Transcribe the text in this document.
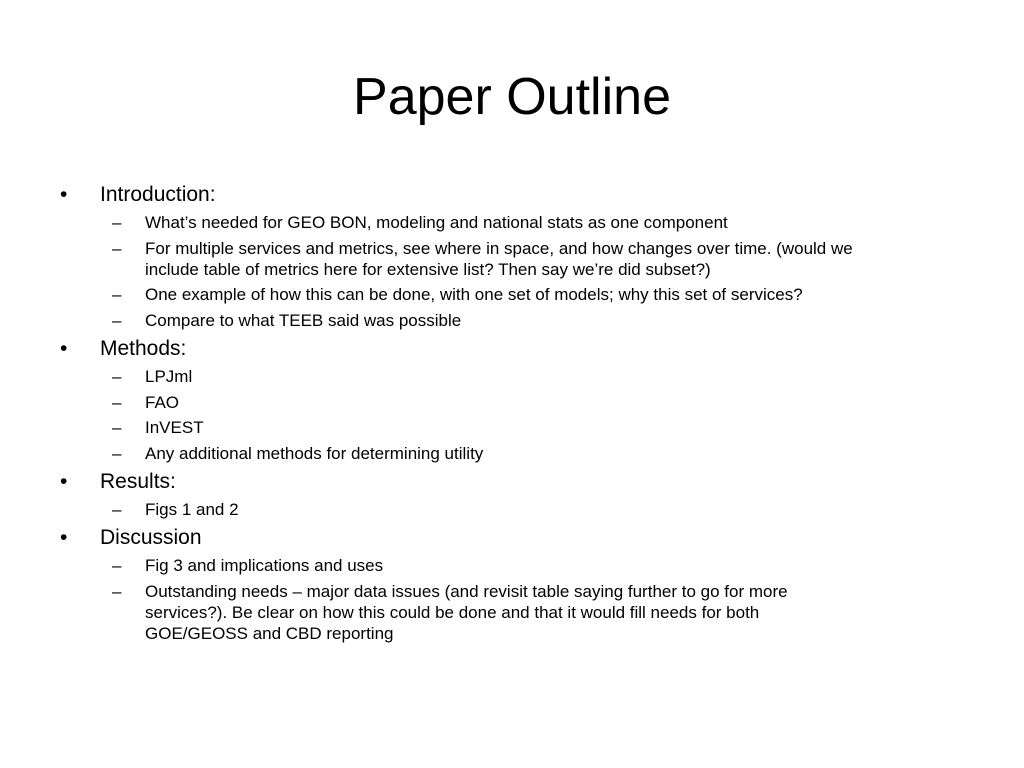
Paper Outline
• Introduction:
– What’s needed for GEO BON, modeling and national stats as one component
– For multiple services and metrics, see where in space, and how changes over time. (would we
include table of metrics here for extensive list? Then say we’re did subset?)
– One example of how this can be done, with one set of models; why this set of services?
– Compare to what TEEB said was possible
• Methods:
– LPJml
– FAO
– InVEST
– Any additional methods for determining utility
• Results:
– Figs 1 and 2
• Discussion
– Fig 3 and implications and uses
– Outstanding needs – major data issues (and revisit table saying further to go for more
services?). Be clear on how this could be done and that it would fill needs for both
GOE/GEOSS and CBD reporting
